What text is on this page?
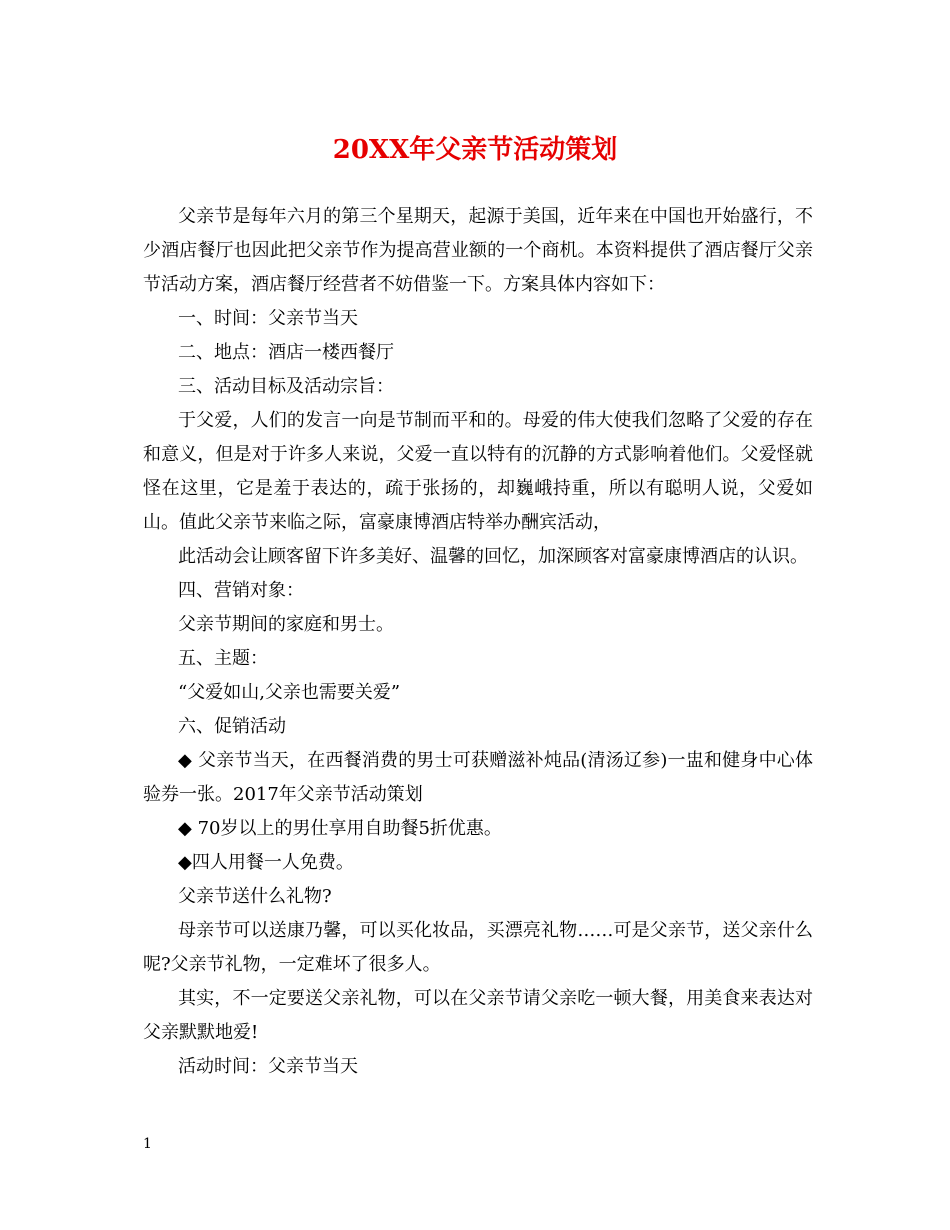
20XX年父亲节活动策划

父亲节是每年六月的第三个星期天，起源于美国，近年来在中国也开始盛行，不少酒店餐厅也因此把父亲节作为提高营业额的一个商机。本资料提供了酒店餐厅父亲节活动方案，酒店餐厅经营者不妨借鉴一下。方案具体内容如下：

一、时间：父亲节当天

二、地点：酒店一楼西餐厅

三、活动目标及活动宗旨：

于父爱，人们的发言一向是节制而平和的。母爱的伟大使我们忽略了父爱的存在和意义，但是对于许多人来说，父爱一直以特有的沉静的方式影响着他们。父爱怪就怪在这里，它是羞于表达的，疏于张扬的，却巍峨持重，所以有聪明人说，父爱如山。值此父亲节来临之际，富豪康博酒店特举办酬宾活动，

此活动会让顾客留下许多美好、温馨的回忆，加深顾客对富豪康博酒店的认识。

四、营销对象：

父亲节期间的家庭和男士。

五、主题：

“父爱如山,父亲也需要关爱”

六、促销活动

◆ 父亲节当天，在西餐消费的男士可获赠滋补炖品(清汤辽参)一盅和健身中心体验券一张。2017年父亲节活动策划

◆ 70岁以上的男仕享用自助餐5折优惠。

◆四人用餐一人免费。

父亲节送什么礼物?

母亲节可以送康乃馨，可以买化妆品，买漂亮礼物……可是父亲节，送父亲什么呢?父亲节礼物，一定难坏了很多人。

其实，不一定要送父亲礼物，可以在父亲节请父亲吃一顿大餐，用美食来表达对父亲默默地爱!

活动时间：父亲节当天

1
